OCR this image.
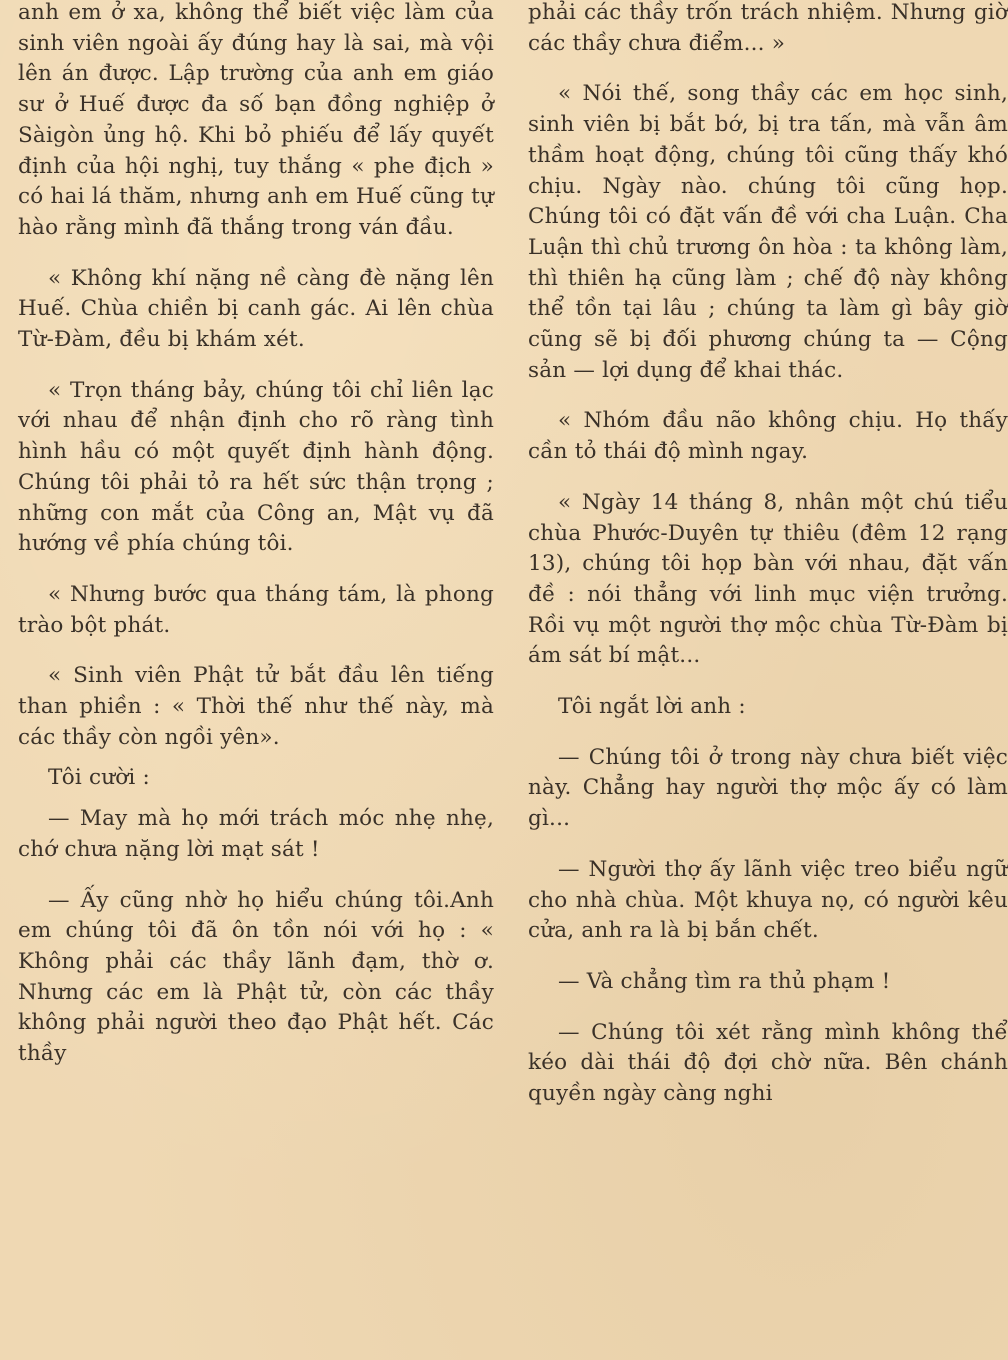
anh em ở xa, không thể biết việc làm của sinh viên ngoài ấy đúng hay là sai, mà vội lên án được. Lập trường của anh em giáo sư ở Huế được đa số bạn đồng nghiệp ở Sàigòn ủng hộ. Khi bỏ phiếu để lấy quyết định của hội nghị, tuy thắng « phe địch » có hai lá thăm, nhưng anh em Huế cũng tự hào rằng mình đã thắng trong ván đầu.

« Không khí nặng nề càng đè nặng lên Huế. Chùa chiền bị canh gác. Ai lên chùa Từ-Đàm, đều bị khám xét.

« Trọn tháng bảy, chúng tôi chỉ liên lạc với nhau để nhận định cho rõ ràng tình hình hầu có một quyết định hành động. Chúng tôi phải tỏ ra hết sức thận trọng ; những con mắt của Công an, Mật vụ đã hướng về phía chúng tôi.

« Nhưng bước qua tháng tám, là phong trào bột phát.

« Sinh viên Phật tử bắt đầu lên tiếng than phiền : « Thời thế như thế này, mà các thầy còn ngồi yên».

Tôi cười :

— May mà họ mới trách móc nhẹ nhẹ, chớ chưa nặng lời mạt sát !

— Ấy cũng nhờ họ hiểu chúng tôi.Anh em chúng tôi đã ôn tồn nói với họ : « Không phải các thầy lãnh đạm, thờ ơ. Nhưng các em là Phật tử, còn các thầy không phải người theo đạo Phật hết. Các thầy

phải các thầy trốn trách nhiệm. Nhưng giờ các thầy chưa điểm... »

« Nói thế, song thầy các em học sinh, sinh viên bị bắt bớ, bị tra tấn, mà vẫn âm thầm hoạt động, chúng tôi cũng thấy khó chịu. Ngày nào. chúng tôi cũng họp. Chúng tôi có đặt vấn đề với cha Luận. Cha Luận thì chủ trương ôn hòa : ta không làm, thì thiên hạ cũng làm ; chế độ này không thể tồn tại lâu ; chúng ta làm gì bây giờ cũng sẽ bị đối phương chúng ta — Cộng sản — lợi dụng để khai thác.

« Nhóm đầu não không chịu. Họ thấy cần tỏ thái độ mình ngay.

« Ngày 14 tháng 8, nhân một chú tiểu chùa Phước-Duyên tự thiêu (đêm 12 rạng 13), chúng tôi họp bàn với nhau, đặt vấn đề : nói thẳng với linh mục viện trưởng. Rồi vụ một người thợ mộc chùa Từ-Đàm bị ám sát bí mật...

Tôi ngắt lời anh :

— Chúng tôi ở trong này chưa biết việc này. Chẳng hay người thợ mộc ấy có làm gì...

— Người thợ ấy lãnh việc treo biểu ngữ cho nhà chùa. Một khuya nọ, có người kêu cửa, anh ra là bị bắn chết.

— Và chẳng tìm ra thủ phạm !

— Chúng tôi xét rằng mình không thể kéo dài thái độ đợi chờ nữa. Bên chánh quyền ngày càng nghi
